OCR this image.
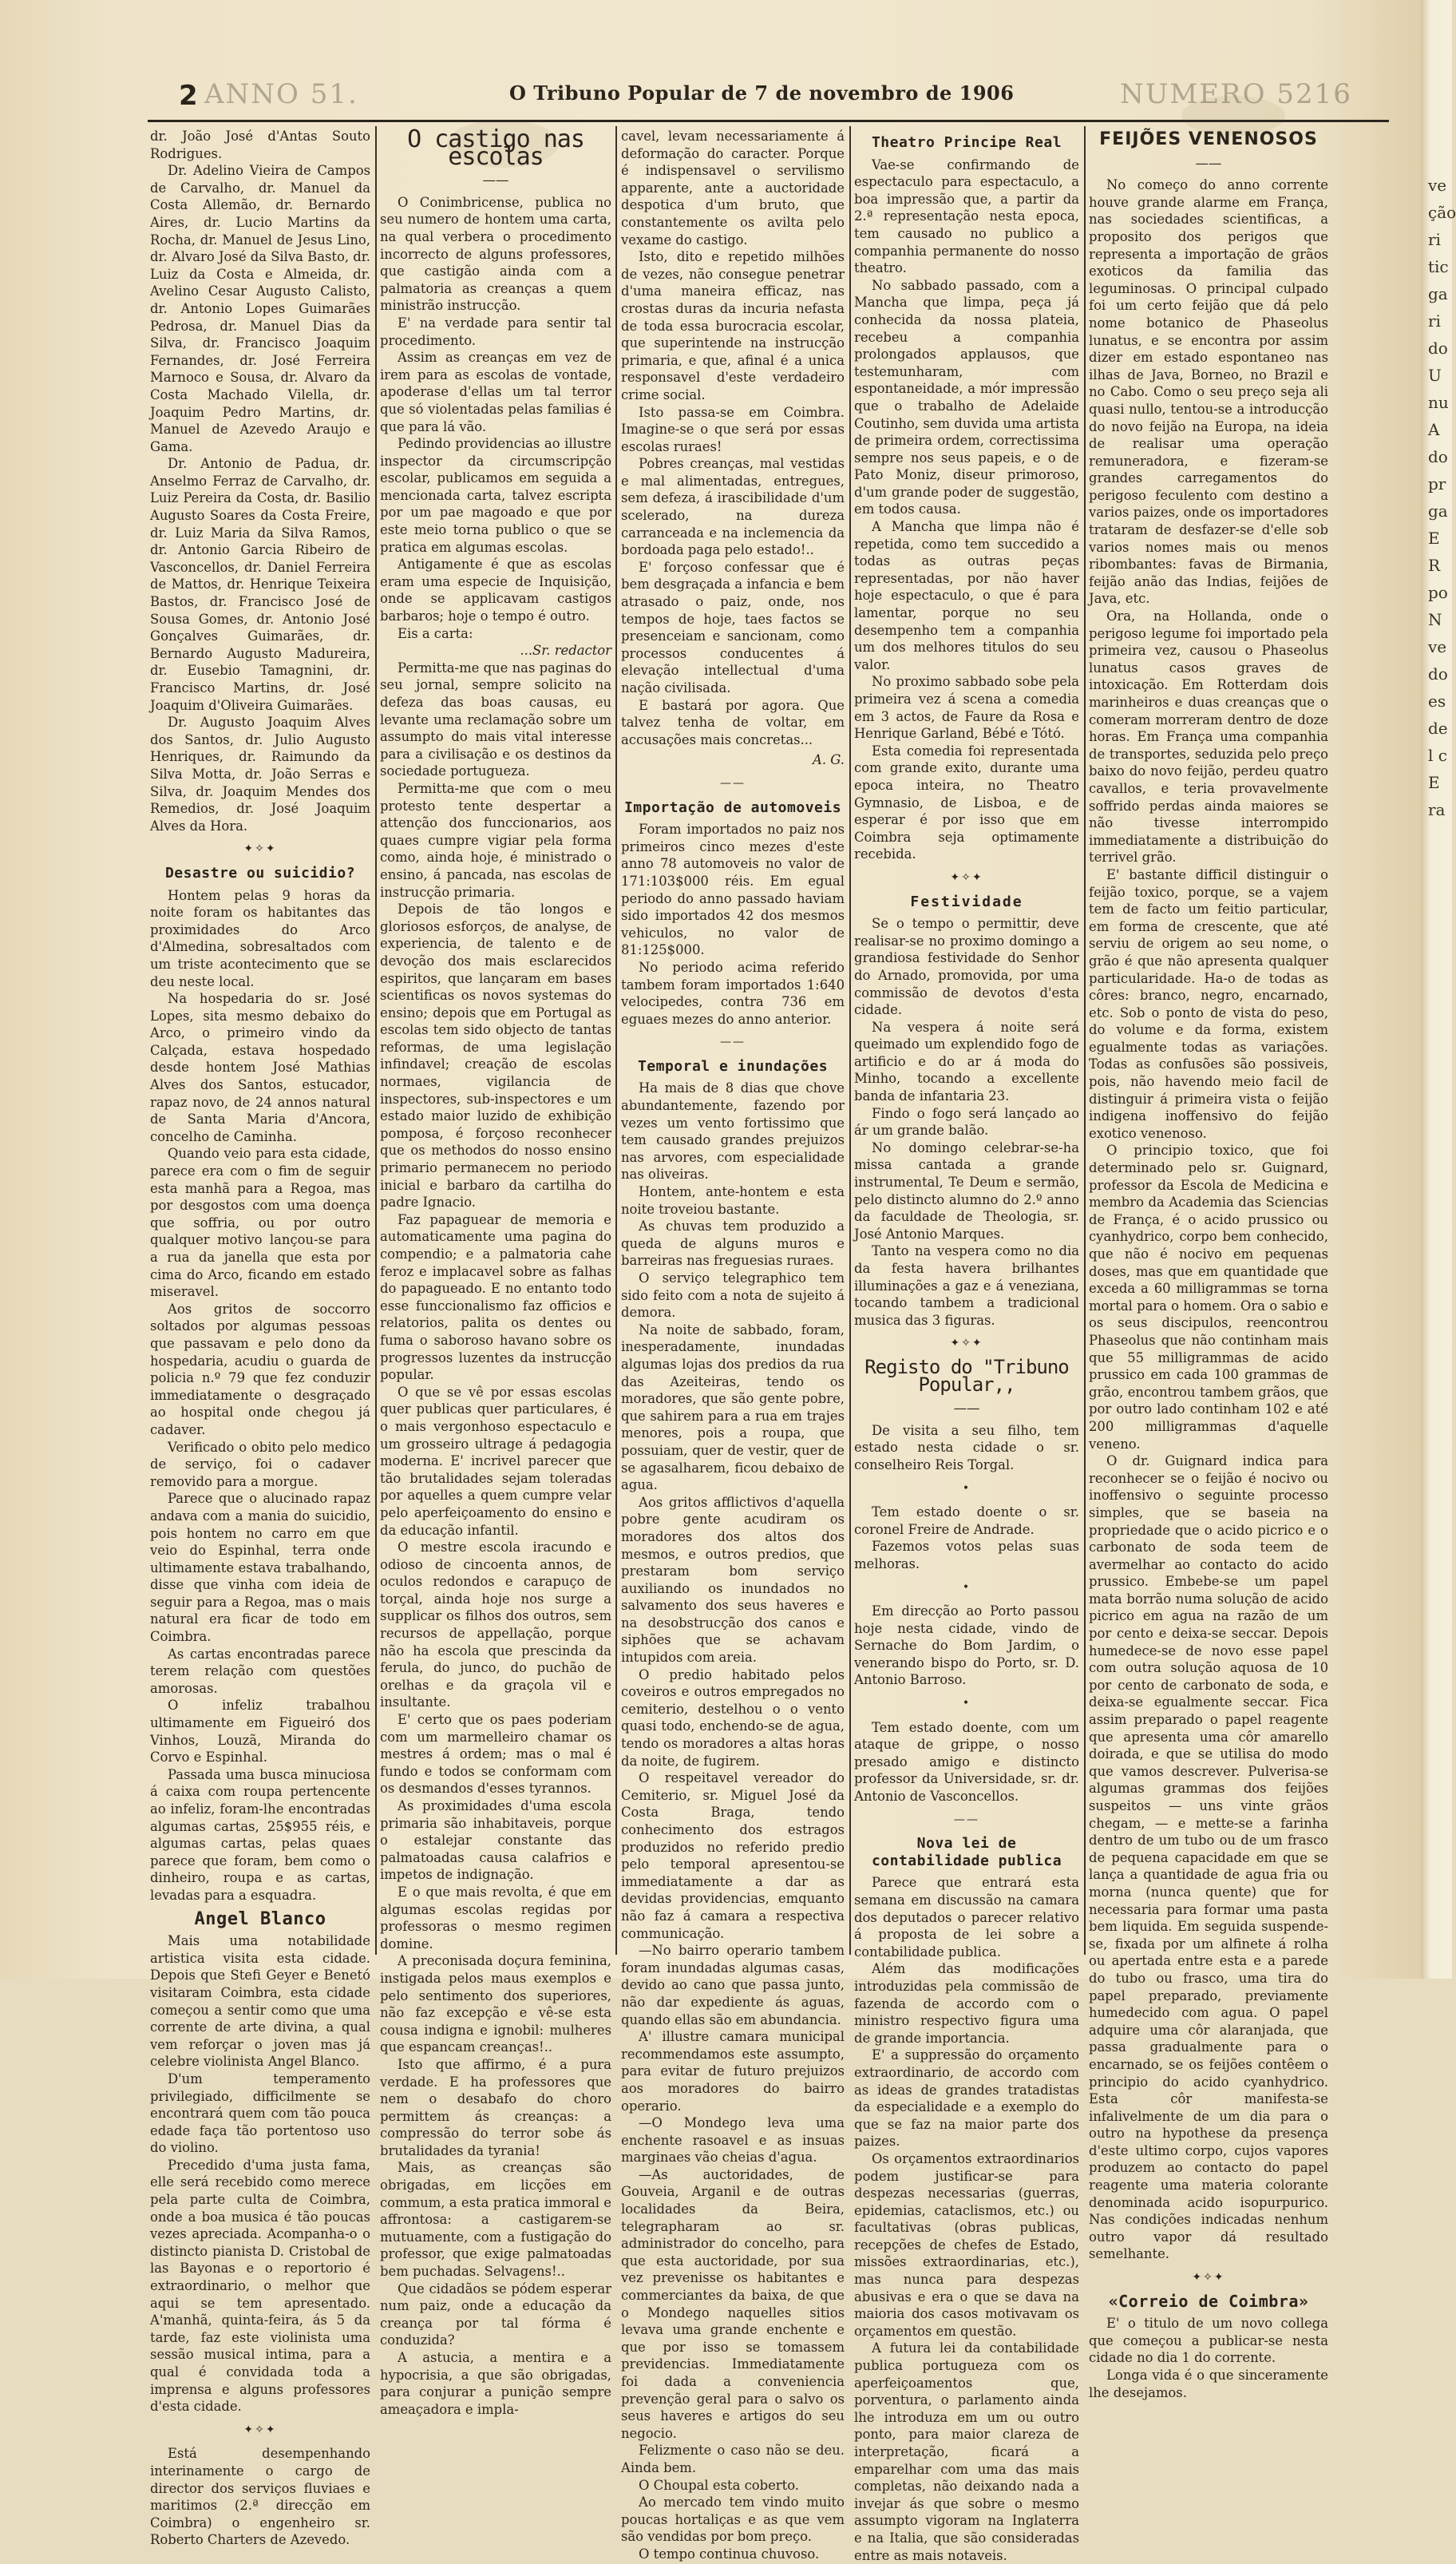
ve ção ri tic ga ri do U nu A do pr ga E R po N ve do es de l c E ra
2 ANNO 51.	O Tribuno Popular de 7 de novembro de 1906	NUMERO 5216

dr. João José d'Antas Souto Rodrigues.

Dr. Adelino Vieira de Campos de Carvalho, dr. Manuel da Costa Allemão, dr. Bernardo Aires, dr. Lucio Martins da Rocha, dr. Manuel de Jesus Lino, dr. Alvaro José da Silva Basto, dr. Luiz da Costa e Almeida, dr. Avelino Cesar Augusto Calisto, dr. Antonio Lopes Guimarães Pedrosa, dr. Manuel Dias da Silva, dr. Francisco Joaquim Fernandes, dr. José Ferreira Marnoco e Sousa, dr. Alvaro da Costa Machado Vilella, dr. Joaquim Pedro Martins, dr. Manuel de Azevedo Araujo e Gama.

Dr. Antonio de Padua, dr. Anselmo Ferraz de Carvalho, dr. Luiz Pereira da Costa, dr. Basilio Augusto Soares da Costa Freire, dr. Luiz Maria da Silva Ramos, dr. Antonio Garcia Ribeiro de Vasconcellos, dr. Daniel Ferreira de Mattos, dr. Henrique Teixeira Bastos, dr. Francisco José de Sousa Gomes, dr. Antonio José Gonçalves Guimarães, dr. Bernardo Augusto Madureira, dr. Eusebio Tamagnini, dr. Francisco Martins, dr. José Joaquim d'Oliveira Guimarães.

Dr. Augusto Joaquim Alves dos Santos, dr. Julio Augusto Henriques, dr. Raimundo da Silva Motta, dr. João Serras e Silva, dr. Joaquim Mendes dos Remedios, dr. José Joaquim Alves da Hora.

✦✧✦
Desastre ou suicidio?

Hontem pelas 9 horas da noite foram os habitantes das proximidades do Arco d'Almedina, sobresaltados com um triste acontecimento que se deu neste local.

Na hospedaria do sr. José Lopes, sita mesmo debaixo do Arco, o primeiro vindo da Calçada, estava hospedado desde hontem José Mathias Alves dos Santos, estucador, rapaz novo, de 24 annos natural de Santa Maria d'Ancora, concelho de Caminha.

Quando veio para esta cidade, parece era com o fim de seguir esta manhã para a Regoa, mas por desgostos com uma doença que soffria, ou por outro qualquer motivo lançou-se para a rua da janella que esta por cima do Arco, ficando em estado miseravel.

Aos gritos de soccorro soltados por algumas pessoas que passavam e pelo dono da hospedaria, acudiu o guarda de policia n.º 79 que fez conduzir immediatamente o desgraçado ao hospital onde chegou já cadaver.

Verificado o obito pelo medico de serviço, foi o cadaver removido para a morgue.

Parece que o alucinado rapaz andava com a mania do suicidio, pois hontem no carro em que veio do Espinhal, terra onde ultimamente estava trabalhando, disse que vinha com ideia de seguir para a Regoa, mas o mais natural era ficar de todo em Coimbra.

As cartas encontradas parece terem relação com questões amorosas.

O infeliz trabalhou ultimamente em Figueiró dos Vinhos, Louzã, Miranda do Corvo e Espinhal.

Passada uma busca minuciosa á caixa com roupa pertencente ao infeliz, foram-lhe encontradas algumas cartas, 25$955 réis, e algumas cartas, pelas quaes parece que foram, bem como o dinheiro, roupa e as cartas, levadas para a esquadra.

Angel Blanco

Mais uma notabilidade artistica visita esta cidade. Depois que Stefi Geyer e Benetó visitaram Coimbra, esta cidade começou a sentir como que uma corrente de arte divina, a qual vem reforçar o joven mas já celebre violinista Angel Blanco.

D'um temperamento privilegiado, difficilmente se encontrará quem com tão pouca edade faça tão portentoso uso do violino.

Precedido d'uma justa fama, elle será recebido como merece pela parte culta de Coimbra, onde a boa musica é tão poucas vezes apreciada. Acompanha-o o distincto pianista D. Cristobal de las Bayonas e o reportorio é extraordinario, o melhor que aqui se tem apresentado. A'manhã, quinta-feira, ás 5 da tarde, faz este violinista uma sessão musical intima, para a qual é convidada toda a imprensa e alguns professores d'esta cidade.

✦✧✦

Está desempenhando interinamente o cargo de director dos serviços fluviaes e maritimos (2.ª direcção em Coimbra) o engenheiro sr. Roberto Charters de Azevedo.

O castigo nas escolas
——

O Conimbricense, publica no seu numero de hontem uma carta, na qual verbera o procedimento incorrecto de alguns professores, que castigão ainda com a palmatoria as creanças a quem ministrão instrucção.

E' na verdade para sentir tal procedimento.

Assim as creanças em vez de irem para as escolas de vontade, apoderase d'ellas um tal terror que só violentadas pelas familias é que para lá vão.

Pedindo providencias ao illustre inspector da circumscripção escolar, publicamos em seguida a mencionada carta, talvez escripta por um pae magoado e que por este meio torna publico o que se pratica em algumas escolas.

Antigamente é que as escolas eram uma especie de Inquisição, onde se applicavam castigos barbaros; hoje o tempo é outro.

Eis a carta:

...Sr. redactor

Permitta-me que nas paginas do seu jornal, sempre solicito na defeza das boas causas, eu levante uma reclamação sobre um assumpto do mais vital interesse para a civilisação e os destinos da sociedade portugueza.

Permitta-me que com o meu protesto tente despertar a attenção dos funccionarios, aos quaes cumpre vigiar pela forma como, ainda hoje, é ministrado o ensino, á pancada, nas escolas de instrucção primaria.

Depois de tão longos e gloriosos esforços, de analyse, de experiencia, de talento e de devoção dos mais esclarecidos espiritos, que lançaram em bases scientificas os novos systemas do ensino; depois que em Portugal as escolas tem sido objecto de tantas reformas, de uma legislação infindavel; creação de escolas normaes, vigilancia de inspectores, sub-inspectores e um estado maior luzido de exhibição pomposa, é forçoso reconhecer que os methodos do nosso ensino primario permanecem no periodo inicial e barbaro da cartilha do padre Ignacio.

Faz papaguear de memoria e automaticamente uma pagina do compendio; e a palmatoria cahe feroz e implacavel sobre as falhas do papagueado. E no entanto todo esse funccionalismo faz officios e relatorios, palita os dentes ou fuma o saboroso havano sobre os progressos luzentes da instrucção popular.

O que se vê por essas escolas quer publicas quer particulares, é o mais vergonhoso espectaculo e um grosseiro ultrage á pedagogia moderna. E' incrivel parecer que tão brutalidades sejam toleradas por aquelles a quem cumpre velar pelo aperfeiçoamento do ensino e da educação infantil.

O mestre escola iracundo e odioso de cincoenta annos, de oculos redondos e carapuço de torçal, ainda hoje nos surge a supplicar os filhos dos outros, sem recursos de appellação, porque não ha escola que prescinda da ferula, do junco, do puchão de orelhas e da graçola vil e insultante.

E' certo que os paes poderiam com um marmelleiro chamar os mestres á ordem; mas o mal é fundo e todos se conformam com os desmandos d'esses tyrannos.

As proximidades d'uma escola primaria são inhabitaveis, porque o estalejar constante das palmatoadas causa calafrios e impetos de indignação.

E o que mais revolta, é que em algumas escolas regidas por professoras o mesmo regimen domine.

A preconisada doçura feminina, instigada pelos maus exemplos e pelo sentimento dos superiores, não faz excepção e vê-se esta cousa indigna e ignobil: mulheres que espancam creanças!..

Isto que affirmo, é a pura verdade. E ha professores que nem o desabafo do choro permittem ás creanças: a compressão do terror sobe ás brutalidades da tyrania!

Mais, as creanças são obrigadas, em licções em commum, a esta pratica immoral e affrontosa: a castigarem-se mutuamente, com a fustigação do professor, que exige palmatoadas bem puchadas. Selvagens!..

Que cidadãos se pódem esperar num paiz, onde a educação da creança por tal fórma é conduzida?

A astucia, a mentira e a hypocrisia, a que são obrigadas, para conjurar a punição sempre ameaçadora e impla-

cavel, levam necessariamente á deformação do caracter. Porque é indispensavel o servilismo apparente, ante a auctoridade despotica d'um bruto, que constantemente os avilta pelo vexame do castigo.

Isto, dito e repetido milhões de vezes, não consegue penetrar d'uma maneira efficaz, nas crostas duras da incuria nefasta de toda essa burocracia escolar, que superintende na instrucção primaria, e que, afinal é a unica responsavel d'este verdadeiro crime social.

Isto passa-se em Coimbra. Imagine-se o que será por essas escolas ruraes!

Pobres creanças, mal vestidas e mal alimentadas, entregues, sem defeza, á irascibilidade d'um scelerado, na dureza carranceada e na inclemencia da bordoada paga pelo estado!..

E' forçoso confessar que é bem desgraçada a infancia e bem atrasado o paiz, onde, nos tempos de hoje, taes factos se presenceiam e sancionam, como processos conducentes á elevação intellectual d'uma nação civilisada.

E bastará por agora. Que talvez tenha de voltar, em accusações mais concretas...

A. G.

——
Importação de automoveis

Foram importados no paiz nos primeiros cinco mezes d'este anno 78 automoveis no valor de 171:103$000 réis. Em egual periodo do anno passado haviam sido importados 42 dos mesmos vehiculos, no valor de 81:125$000.

No periodo acima referido tambem foram importados 1:640 velocipedes, contra 736 em eguaes mezes do anno anterior.

——
Temporal e inundações

Ha mais de 8 dias que chove abundantemente, fazendo por vezes um vento fortissimo que tem causado grandes prejuizos nas arvores, com especialidade nas oliveiras.

Hontem, ante-hontem e esta noite troveiou bastante.

As chuvas tem produzido a queda de alguns muros e barreiras nas freguesias ruraes.

O serviço telegraphico tem sido feito com a nota de sujeito á demora.

Na noite de sabbado, foram, inesperadamente, inundadas algumas lojas dos predios da rua das Azeiteiras, tendo os moradores, que são gente pobre, que sahirem para a rua em trajes menores, pois a roupa, que possuiam, quer de vestir, quer de se agasalharem, ficou debaixo de agua.

Aos gritos afflictivos d'aquella pobre gente acudiram os moradores dos altos dos mesmos, e outros predios, que prestaram bom serviço auxiliando os inundados no salvamento dos seus haveres e na desobstrucção dos canos e siphões que se achavam intupidos com areia.

O predio habitado pelos coveiros e outros empregados no cemiterio, destelhou o o vento quasi todo, enchendo-se de agua, tendo os moradores a altas horas da noite, de fugirem.

O respeitavel vereador do Cemiterio, sr. Miguel José da Costa Braga, tendo conhecimento dos estragos produzidos no referido predio pelo temporal apresentou-se immediatamente a dar as devidas providencias, emquanto não faz á camara a respectiva communicação.

—No bairro operario tambem foram inundadas algumas casas, devido ao cano que passa junto, não dar expediente ás aguas, quando ellas são em abundancia.

A' illustre camara municipal recommendamos este assumpto, para evitar de futuro prejuizos aos moradores do bairro operario.

—O Mondego leva uma enchente rasoavel e as insuas marginaes vão cheias d'agua.

—As auctoridades, de Gouveia, Arganil e de outras localidades da Beira, telegrapharam ao sr. administrador do concelho, para que esta auctoridade, por sua vez prevenisse os habitantes e commerciantes da baixa, de que o Mondego naquelles sitios levava uma grande enchente e que por isso se tomassem previdencias. Immediatamente foi dada a conveniencia prevenção geral para o salvo os seus haveres e artigos do seu negocio.

Felizmente o caso não se deu. Ainda bem.

O Choupal esta coberto.

Ao mercado tem vindo muito poucas hortaliças e as que vem são vendidas por bom preço.

O tempo continua chuvoso.

Theatro Principe Real

Vae-se confirmando de espectaculo para espectaculo, a boa impressão que, a partir da 2.ª representação nesta epoca, tem causado no publico a companhia permanente do nosso theatro.

No sabbado passado, com a Mancha que limpa, peça já conhecida da nossa plateia, recebeu a companhia prolongados applausos, que testemunharam, com espontaneidade, a mór impressão que o trabalho de Adelaide Coutinho, sem duvida uma artista de primeira ordem, correctissima sempre nos seus papeis, e o de Pato Moniz, diseur primoroso, d'um grande poder de suggestão, em todos causa.

A Mancha que limpa não é repetida, como tem succedido a todas as outras peças representadas, por não haver hoje espectaculo, o que é para lamentar, porque no seu desempenho tem a companhia um dos melhores titulos do seu valor.

No proximo sabbado sobe pela primeira vez á scena a comedia em 3 actos, de Faure da Rosa e Henrique Garland, Bébé e Tótó.

Esta comedia foi representada com grande exito, durante uma epoca inteira, no Theatro Gymnasio, de Lisboa, e de esperar é por isso que em Coimbra seja optimamente recebida.

✦✧✦
Festividade

Se o tempo o permittir, deve realisar-se no proximo domingo a grandiosa festividade do Senhor do Arnado, promovida, por uma commissão de devotos d'esta cidade.

Na vespera á noite será queimado um explendido fogo de artificio e do ar á moda do Minho, tocando a excellente banda de infantaria 23.

Findo o fogo será lançado ao ár um grande balão.

No domingo celebrar-se-ha missa cantada a grande instrumental, Te Deum e sermão, pelo distincto alumno do 2.º anno da faculdade de Theologia, sr. José Antonio Marques.

Tanto na vespera como no dia da festa havera brilhantes illuminações a gaz e á veneziana, tocando tambem a tradicional musica das 3 figuras.

✦✧✦
Registo do "Tribuno Popular,,
——

De visita a seu filho, tem estado nesta cidade o sr. conselheiro Reis Torgal.

•

Tem estado doente o sr. coronel Freire de Andrade.

Fazemos votos pelas suas melhoras.

•

Em direcção ao Porto passou hoje nesta cidade, vindo de Sernache do Bom Jardim, o venerando bispo do Porto, sr. D. Antonio Barroso.

•

Tem estado doente, com um ataque de grippe, o nosso presado amigo e distincto professor da Universidade, sr. dr. Antonio de Vasconcellos.

——
Nova lei de contabilidade publica

Parece que entrará esta semana em discussão na camara dos deputados o parecer relativo á proposta de lei sobre a contabilidade publica.

Além das modificações introduzidas pela commissão de fazenda de accordo com o ministro respectivo figura uma de grande importancia.

E' a suppressão do orçamento extraordinario, de accordo com as ideas de grandes tratadistas da especialidade e a exemplo do que se faz na maior parte dos paizes.

Os orçamentos extraordinarios podem justificar-se para despezas necessarias (guerras, epidemias, cataclismos, etc.) ou facultativas (obras publicas, recepções de chefes de Estado, missões extraordinarias, etc.), mas nunca para despezas abusivas e era o que se dava na maioria dos casos motivavam os orçamentos em questão.

A futura lei da contabilidade publica portugueza com os aperfeiçoamentos que, porventura, o parlamento ainda lhe introduza em um ou outro ponto, para maior clareza de interpretação, ficará a emparelhar com uma das mais completas, não deixando nada a invejar ás que sobre o mesmo assumpto vigoram na Inglaterra e na Italia, que são consideradas entre as mais notaveis.

FEIJÕES VENENOSOS
——

No começo do anno corrente houve grande alarme em França, nas sociedades scientificas, a proposito dos perigos que representa a importação de grãos exoticos da familia das leguminosas. O principal culpado foi um certo feijão que dá pelo nome botanico de Phaseolus lunatus, e se encontra por assim dizer em estado espontaneo nas ilhas de Java, Borneo, no Brazil e no Cabo. Como o seu preço seja ali quasi nullo, tentou-se a introducção do novo feijão na Europa, na ideia de realisar uma operação remuneradora, e fizeram-se grandes carregamentos do perigoso feculento com destino a varios paizes, onde os importadores trataram de desfazer-se d'elle sob varios nomes mais ou menos ribombantes: favas de Birmania, feijão anão das Indias, feijões de Java, etc.

Ora, na Hollanda, onde o perigoso legume foi importado pela primeira vez, causou o Phaseolus lunatus casos graves de intoxicação. Em Rotterdam dois marinheiros e duas creanças que o comeram morreram dentro de doze horas. Em França uma companhia de transportes, seduzida pelo preço baixo do novo feijão, perdeu quatro cavallos, e teria provavelmente soffrido perdas ainda maiores se não tivesse interrompido immediatamente a distribuição do terrivel grão.

E' bastante difficil distinguir o feijão toxico, porque, se a vajem tem de facto um feitio particular, em forma de crescente, que até serviu de origem ao seu nome, o grão é que não apresenta qualquer particularidade. Ha-o de todas as côres: branco, negro, encarnado, etc. Sob o ponto de vista do peso, do volume e da forma, existem egualmente todas as variações. Todas as confusões são possiveis, pois, não havendo meio facil de distinguir á primeira vista o feijão indigena inoffensivo do feijão exotico venenoso.

O principio toxico, que foi determinado pelo sr. Guignard, professor da Escola de Medicina e membro da Academia das Sciencias de França, é o acido prussico ou cyanhydrico, corpo bem conhecido, que não é nocivo em pequenas doses, mas que em quantidade que exceda a 60 milligrammas se torna mortal para o homem. Ora o sabio e os seus discipulos, reencontrou Phaseolus que não continham mais que 55 milligrammas de acido prussico em cada 100 grammas de grão, encontrou tambem grãos, que por outro lado continham 102 e até 200 milligrammas d'aquelle veneno.

O dr. Guignard indica para reconhecer se o feijão é nocivo ou inoffensivo o seguinte processo simples, que se baseia na propriedade que o acido picrico e o carbonato de soda teem de avermelhar ao contacto do acido prussico. Embebe-se um papel mata borrão numa solução de acido picrico em agua na razão de um por cento e deixa-se seccar. Depois humedece-se de novo esse papel com outra solução aquosa de 10 por cento de carbonato de soda, e deixa-se egualmente seccar. Fica assim preparado o papel reagente que apresenta uma côr amarello doirada, e que se utilisa do modo que vamos descrever. Pulverisa-se algumas grammas dos feijões suspeitos — uns vinte grãos chegam, — e mette-se a farinha dentro de um tubo ou de um frasco de pequena capacidade em que se lança a quantidade de agua fria ou morna (nunca quente) que for necessaria para formar uma pasta bem liquida. Em seguida suspende-se, fixada por um alfinete á rolha ou apertada entre esta e a parede do tubo ou frasco, uma tira do papel preparado, previamente humedecido com agua. O papel adquire uma côr alaranjada, que passa gradualmente para o encarnado, se os feijões contêem o principio do acido cyanhydrico. Esta côr manifesta-se infalivelmente de um dia para o outro na hypothese da presença d'este ultimo corpo, cujos vapores produzem ao contacto do papel reagente uma materia colorante denominada acido isopurpurico. Nas condições indicadas nenhum outro vapor dá resultado semelhante.

✦✧✦
«Correio de Coimbra»

E' o titulo de um novo collega que começou a publicar-se nesta cidade no dia 1 do corrente.

Longa vida é o que sinceramente lhe desejamos.
